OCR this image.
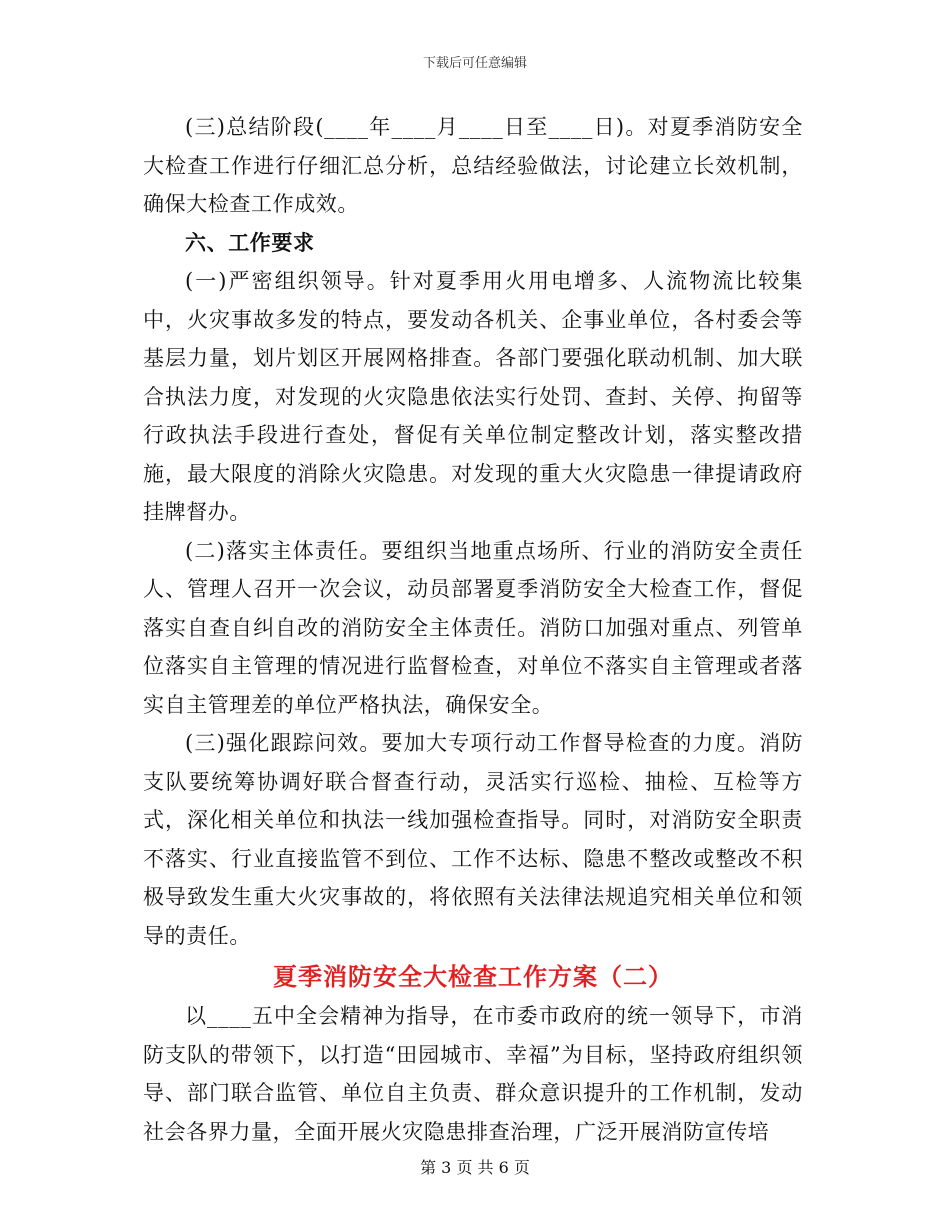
下载后可任意编辑

(三)总结阶段(____年____月____日至____日)。对夏季消防安全大检查工作进行仔细汇总分析，总结经验做法，讨论建立长效机制，确保大检查工作成效。

六、工作要求

(一)严密组织领导。针对夏季用火用电增多、人流物流比较集中，火灾事故多发的特点，要发动各机关、企事业单位，各村委会等基层力量，划片划区开展网格排查。各部门要强化联动机制、加大联合执法力度，对发现的火灾隐患依法实行处罚、查封、关停、拘留等行政执法手段进行查处，督促有关单位制定整改计划，落实整改措施，最大限度的消除火灾隐患。对发现的重大火灾隐患一律提请政府挂牌督办。

(二)落实主体责任。要组织当地重点场所、行业的消防安全责任人、管理人召开一次会议，动员部署夏季消防安全大检查工作，督促落实自查自纠自改的消防安全主体责任。消防口加强对重点、列管单位落实自主管理的情况进行监督检查，对单位不落实自主管理或者落实自主管理差的单位严格执法，确保安全。

(三)强化跟踪问效。要加大专项行动工作督导检查的力度。消防支队要统筹协调好联合督查行动，灵活实行巡检、抽检、互检等方式，深化相关单位和执法一线加强检查指导。同时，对消防安全职责不落实、行业直接监管不到位、工作不达标、隐患不整改或整改不积极导致发生重大火灾事故的，将依照有关法律法规追究相关单位和领导的责任。

夏季消防安全大检查工作方案（二）

以____五中全会精神为指导，在市委市政府的统一领导下，市消防支队的带领下，以打造“田园城市、幸福”为目标，坚持政府组织领导、部门联合监管、单位自主负责、群众意识提升的工作机制，发动社会各界力量，全面开展火灾隐患排查治理，广泛开展消防宣传培

第 3 页 共 6 页
